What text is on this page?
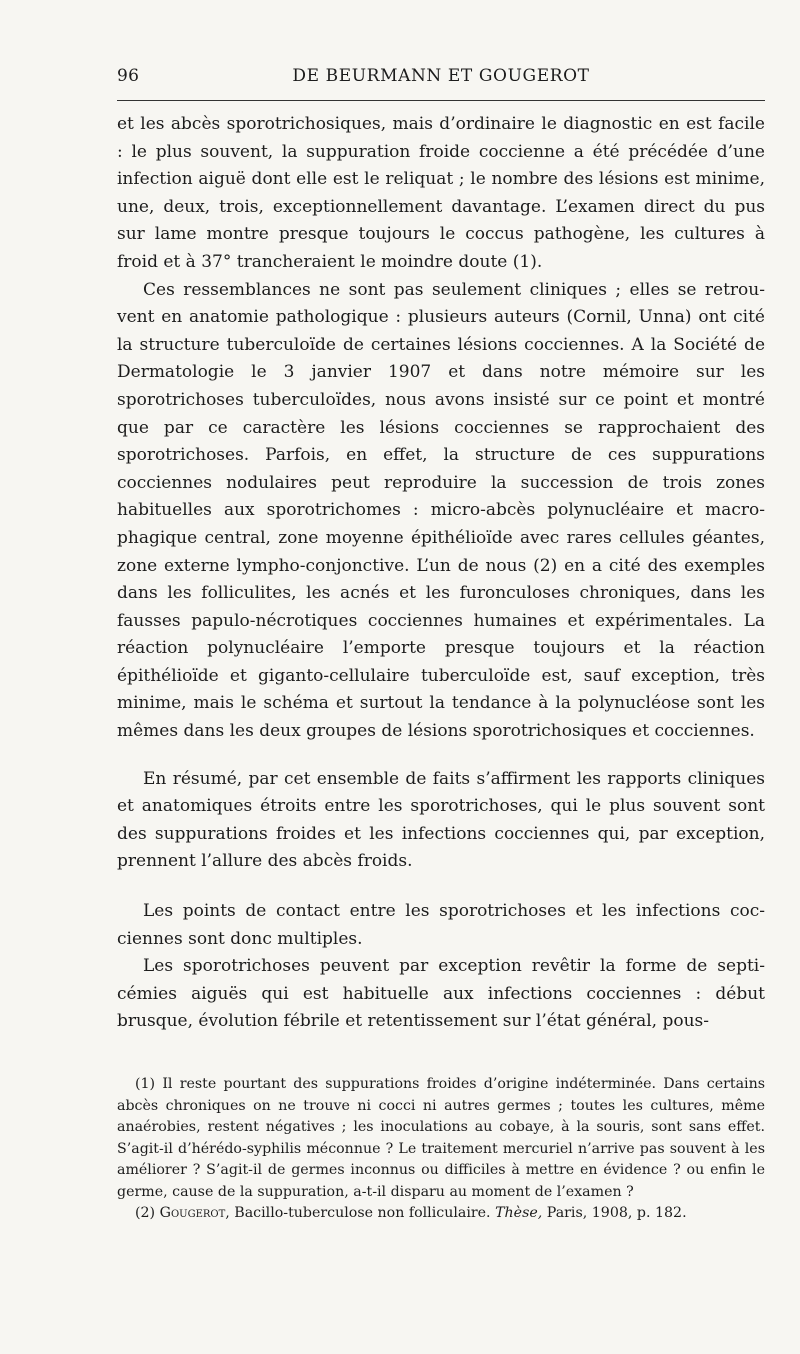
96	DE BEURMANN ET GOUGEROT

et les abcès sporotrichosiques, mais d’ordinaire le diagnostic en est facile : le plus souvent, la suppuration froide coccienne a été précédée d’une infection aiguë dont elle est le reliquat ; le nombre des lésions est minime, une, deux, trois, exceptionnellement davantage. L’examen direct du pus sur lame montre presque toujours le coccus pathogène, les cultures à froid et à 37° trancheraient le moindre doute (1).

Ces ressemblances ne sont pas seulement cliniques ; elles se retrouvent en anatomie pathologique : plusieurs auteurs (Cornil, Unna) ont cité la structure tuberculoïde de certaines lésions cocciennes. A la Société de Dermatologie le 3 janvier 1907 et dans notre mémoire sur les sporotrichoses tuberculoïdes, nous avons insisté sur ce point et montré que par ce caractère les lésions cocciennes se rapprochaient des sporotrichoses. Parfois, en effet, la structure de ces suppurations cocciennes nodulaires peut reproduire la succession de trois zones habituelles aux sporotrichomes : micro-abcès polynucléaire et macrophagique central, zone moyenne épithélioïde avec rares cellules géantes, zone externe lympho-conjonctive. L’un de nous (2) en a cité des exemples dans les folliculites, les acnés et les furonculoses chroniques, dans les fausses papulo-nécrotiques cocciennes humaines et expérimentales. La réaction polynucléaire l’emporte presque toujours et la réaction épithélioïde et giganto-cellulaire tuberculoïde est, sauf exception, très minime, mais le schéma et surtout la tendance à la polynucléose sont les mêmes dans les deux groupes de lésions sporotrichosiques et cocciennes.

En résumé, par cet ensemble de faits s’affirment les rapports cliniques et anatomiques étroits entre les sporotrichoses, qui le plus souvent sont des suppurations froides et les infections cocciennes qui, par exception, prennent l’allure des abcès froids.

Les points de contact entre les sporotrichoses et les infections cocciennes sont donc multiples.

Les sporotrichoses peuvent par exception revêtir la forme de septicémies aiguës qui est habituelle aux infections cocciennes : début brusque, évolution fébrile et retentissement sur l’état général, pous-

(1) Il reste pourtant des suppurations froides d’origine indéterminée. Dans certains abcès chroniques on ne trouve ni cocci ni autres germes ; toutes les cultures, même anaérobies, restent négatives ; les inoculations au cobaye, à la souris, sont sans effet. S’agit-il d’hérédo-syphilis méconnue ? Le traitement mercuriel n’arrive pas souvent à les améliorer ? S’agit-il de germes inconnus ou difficiles à mettre en évidence ? ou enfin le germe, cause de la suppuration, a-t-il disparu au moment de l’examen ?

(2) Gougerot, Bacillo-tuberculose non folliculaire. Thèse, Paris, 1908, p. 182.
